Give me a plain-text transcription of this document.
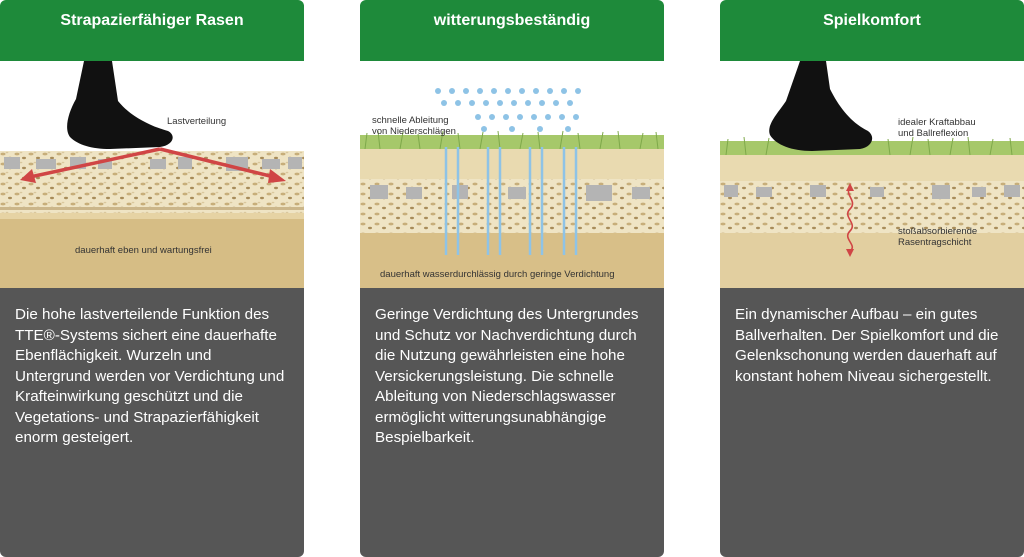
Strapazierfähiger Rasen
Lastverteilung
dauerhaft eben und wartungsfrei
Die hohe lastverteilende Funktion des TTE®-Systems sichert eine dauerhafte Ebenflächigkeit. Wurzeln und Untergrund werden vor Verdichtung und Krafteinwirkung geschützt und die Vegetations- und Strapazierfähigkeit enorm gesteigert.
witterungsbeständig
schnelle Ableitung
von Niederschlägen
dauerhaft wasserdurchlässig durch geringe Verdichtung
Geringe Verdichtung des Untergrundes und Schutz vor Nachverdichtung durch die Nutzung gewährleisten eine hohe Versickerungsleistung. Die schnelle Ableitung von Niederschlagswasser ermöglicht witterungsunabhängige Bespielbarkeit.
Spielkomfort
idealer Kraftabbau
und Ballreflexion
stoßabsorbierende
Rasentragschicht
Ein dynamischer Aufbau – ein gutes Ballverhalten. Der Spielkomfort und die Gelenkschonung werden dauerhaft auf konstant hohem Niveau sichergestellt.
